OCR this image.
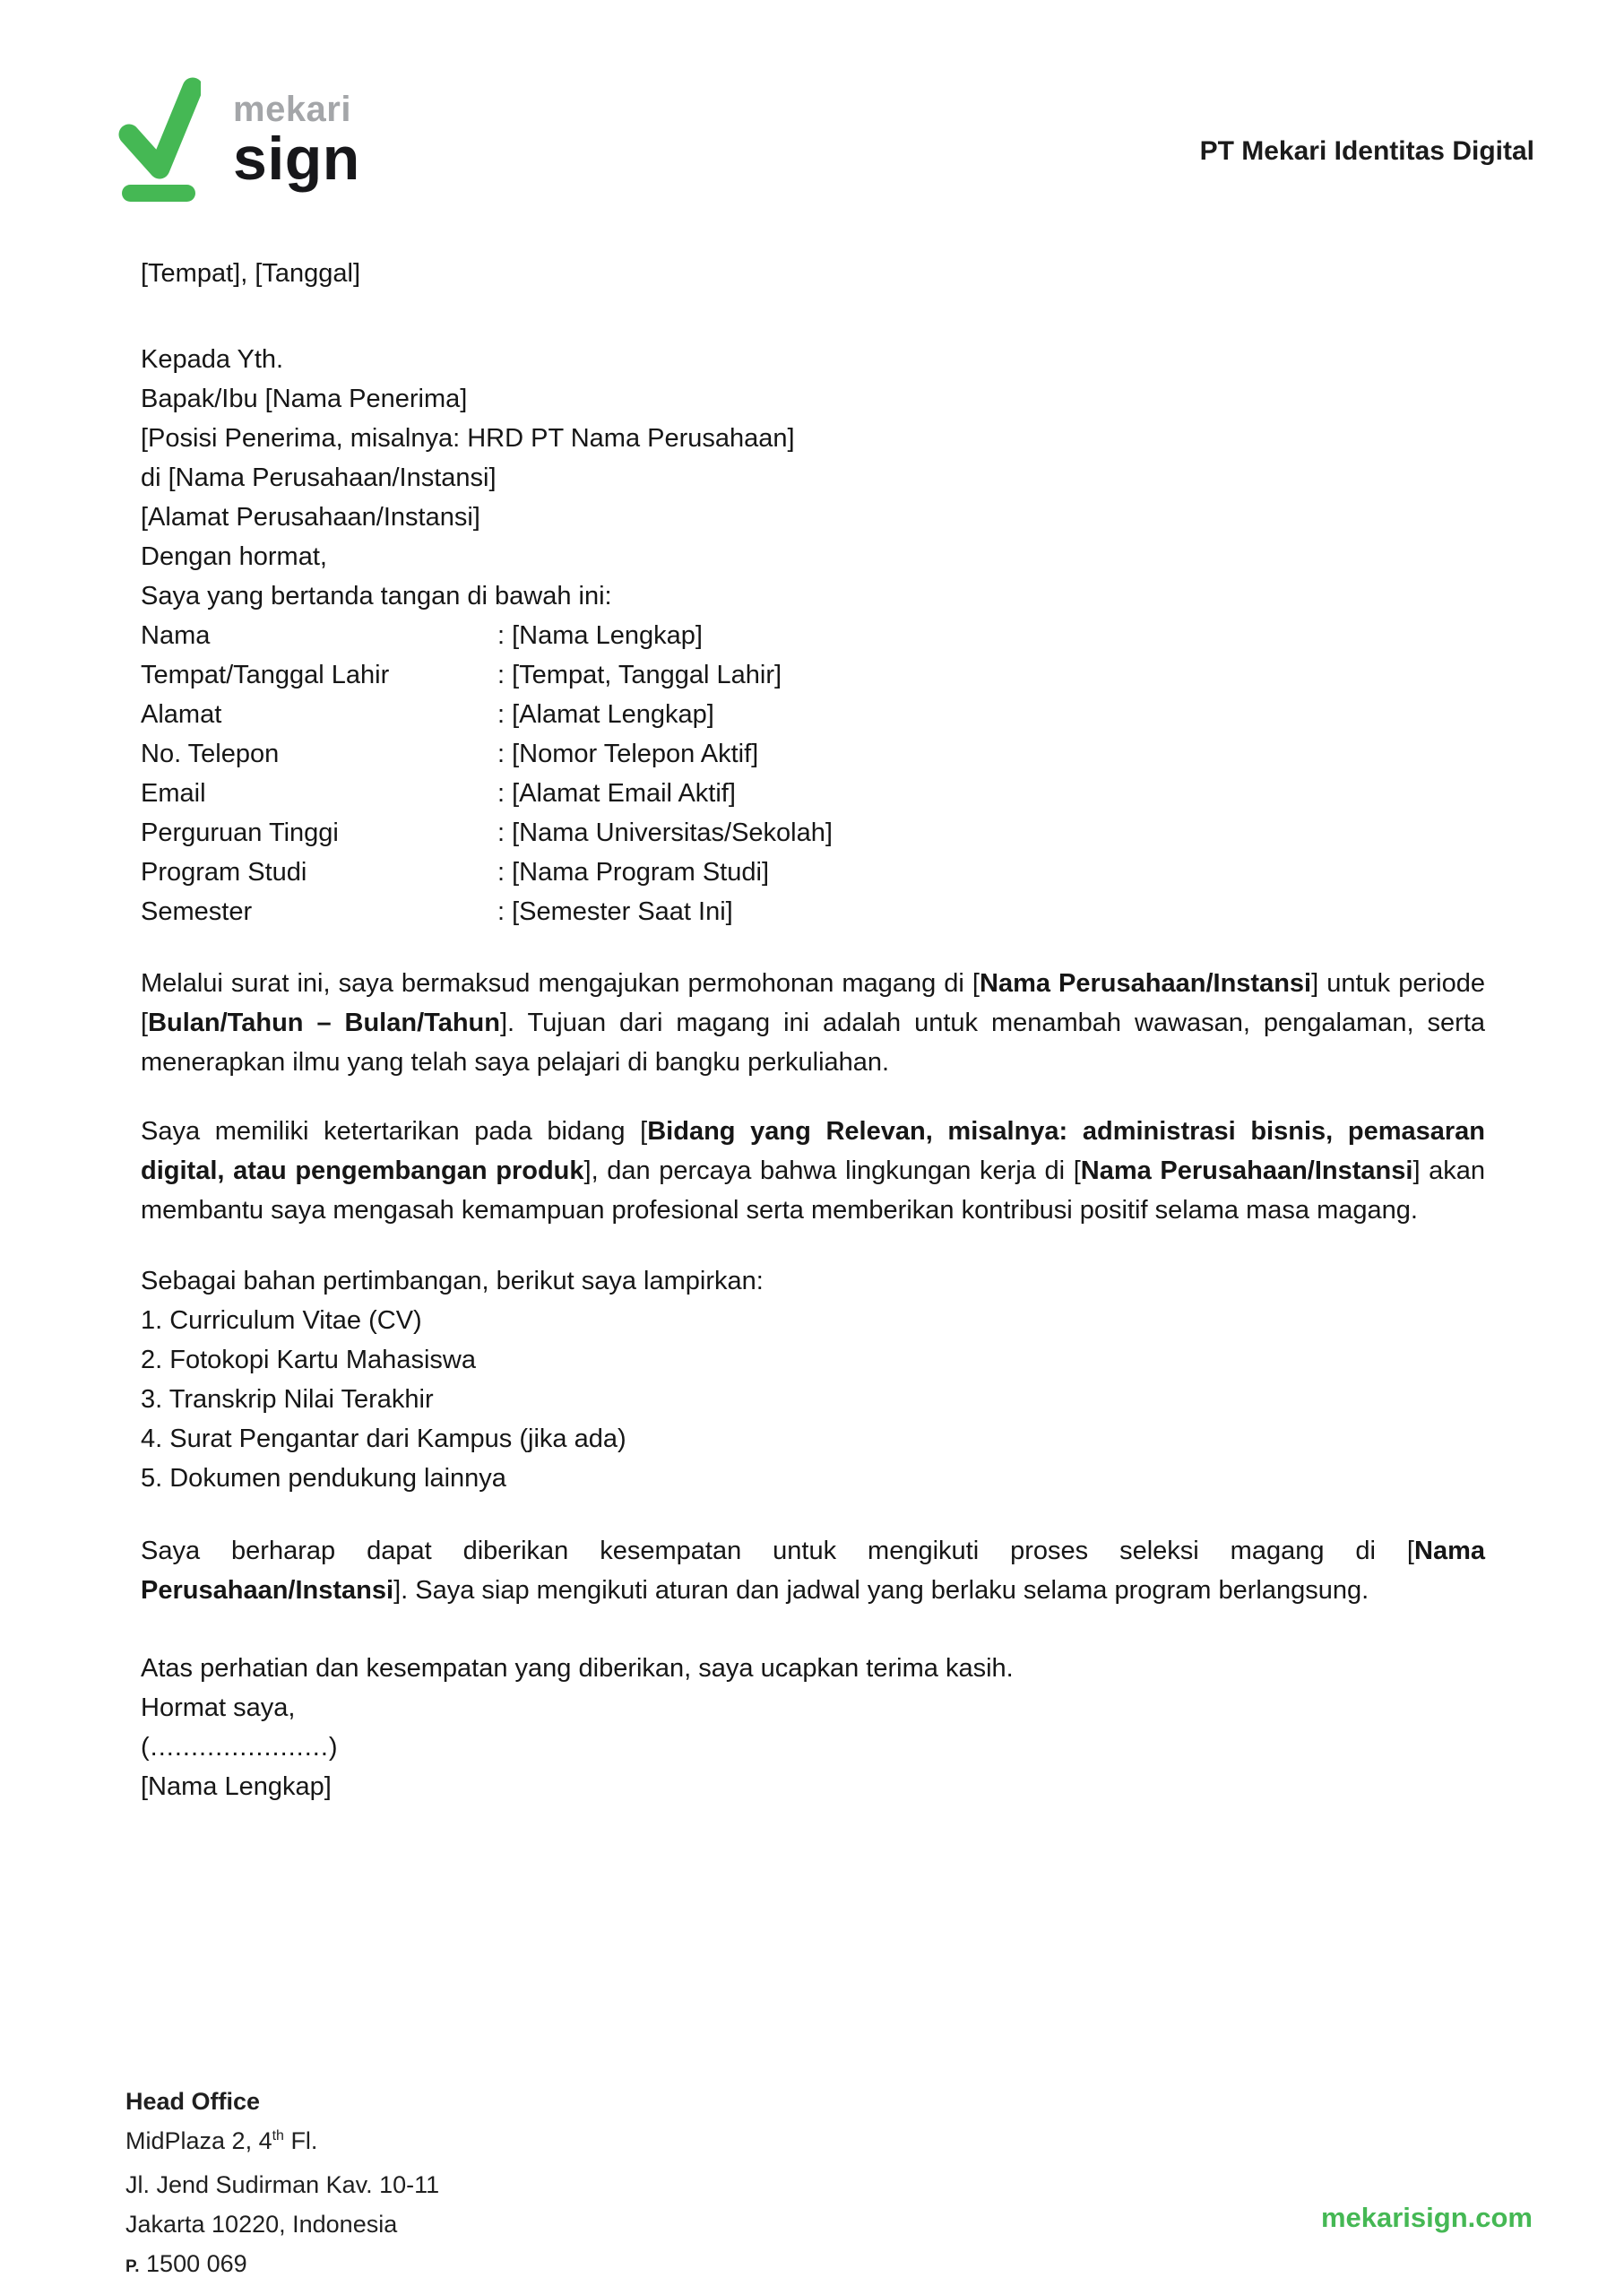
mekari
sign	PT Mekari Identitas Digital

[Tempat], [Tanggal]

Kepada Yth.
Bapak/Ibu [Nama Penerima]
[Posisi Penerima, misalnya: HRD PT Nama Perusahaan]
di [Nama Perusahaan/Instansi]
[Alamat Perusahaan/Instansi]

Dengan hormat,

Saya yang bertanda tangan di bawah ini:

Nama	: [Nama Lengkap]
Tempat/Tanggal Lahir	: [Tempat, Tanggal Lahir]
Alamat	: [Alamat Lengkap]
No. Telepon	: [Nomor Telepon Aktif]
Email	: [Alamat Email Aktif]
Perguruan Tinggi	: [Nama Universitas/Sekolah]
Program Studi	: [Nama Program Studi]
Semester	: [Semester Saat Ini]

Melalui surat ini, saya bermaksud mengajukan permohonan magang di [Nama Perusahaan/Instansi] untuk periode [Bulan/Tahun – Bulan/Tahun]. Tujuan dari magang ini adalah untuk menambah wawasan, pengalaman, serta menerapkan ilmu yang telah saya pelajari di bangku perkuliahan.

Saya memiliki ketertarikan pada bidang [Bidang yang Relevan, misalnya: administrasi bisnis, pemasaran digital, atau pengembangan produk], dan percaya bahwa lingkungan kerja di [Nama Perusahaan/Instansi] akan membantu saya mengasah kemampuan profesional serta memberikan kontribusi positif selama masa magang.

Sebagai bahan pertimbangan, berikut saya lampirkan:

1. Curriculum Vitae (CV)
2. Fotokopi Kartu Mahasiswa
3. Transkrip Nilai Terakhir
4. Surat Pengantar dari Kampus (jika ada)
5. Dokumen pendukung lainnya

Saya berharap dapat diberikan kesempatan untuk mengikuti proses seleksi magang di [Nama Perusahaan/Instansi]. Saya siap mengikuti aturan dan jadwal yang berlaku selama program berlangsung.

Atas perhatian dan kesempatan yang diberikan, saya ucapkan terima kasih.

Hormat saya,

(......................)

[Nama Lengkap]

Head Office
MidPlaza 2, 4th Fl.
Jl. Jend Sudirman Kav. 10-11
Jakarta 10220, Indonesia
P. 1500 069
mekarisign.com
